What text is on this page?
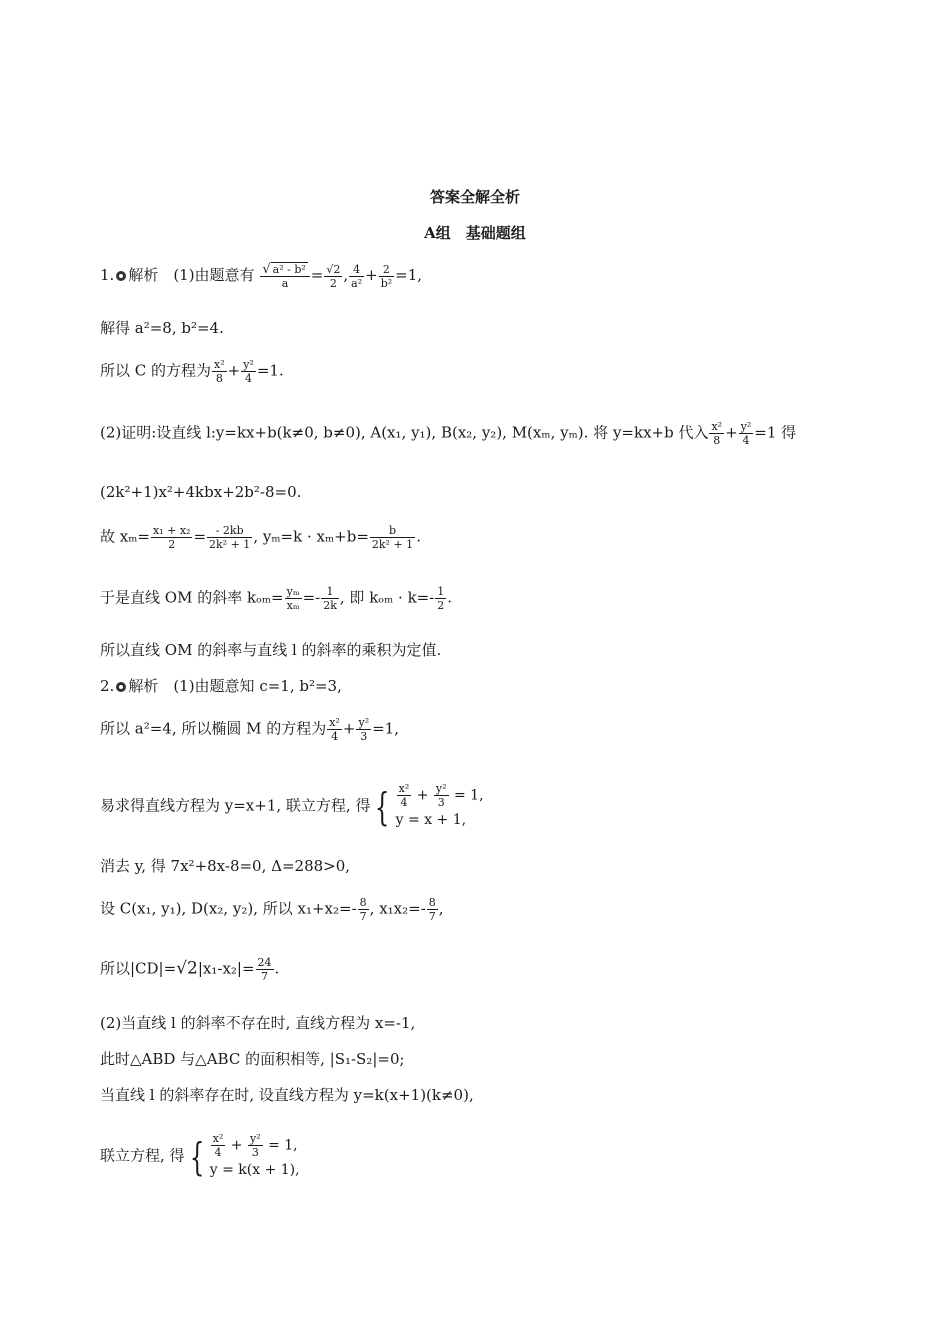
答案全解全析
A组　基础题组
1. 解析　(1)由题意有 $\frac{\text{√ a² - b²}}{a} = \frac{√2}{2}$ , $\frac{4}{\text{a²}} + \frac{2}{\text{b²}} =1$,
解得 a²=8, b²=4.
所以 C 的方程为 $\frac{\text{x²}}{8} + \frac{\text{y²}}{4} =1$.
(2)证明:设直线 l:y=kx+b(k≠0, b≠0), A(x₁, y₁), B(x₂, y₂), M(xₘ, yₘ). 将 y=kx+b 代入 $\frac{\text{x²}}{8} + \frac{\text{y²}}{4} =1$ 得
(2k²+1)x²+4kbx+2b²-8=0.
故 $x_m= \frac{\text{x₁ + x₂}}{2} = \frac{- 2kb}{\text{2k² + 1}}$ , $y_m=k \cdot x_m+b= \frac{b}{\text{2k² + 1}}$ .
于是直线 OM 的斜率 $k_{om}= \frac{\text{yₘ}}{\text{xₘ}} =- \frac{1}{2k}$ , 即 $k_{om} \cdot k=- \frac{1}{2}$ .
所以直线 OM 的斜率与直线 l 的斜率的乘积为定值.
2. 解析　(1)由题意知 c=1, b²=3,
所以 a²=4, 所以椭圆 M 的方程为 $\frac{\text{x²}}{4} + \frac{\text{y²}}{3} =1$,
易求得直线方程为 y=x+1, 联立方程, 得 { $\frac{\text{x²}}{4} + \frac{\text{y²}}{3} = 1$,
y = x + 1,
消去 y, 得 7x²+8x-8=0, Δ=288>0,
设 C(x₁, y₁), D(x₂, y₂), 所以 $x_1+x_2=- \frac{8}{7}$ , $x_1x_2=- \frac{8}{7}$ ,
所以$|CD|=√2|x_1-x_2|= \frac{24}{7}$ .
(2)当直线 l 的斜率不存在时, 直线方程为 x=-1,
此时△ABD 与△ABC 的面积相等, |S₁-S₂|=0;
当直线 l 的斜率存在时, 设直线方程为 y=k(x+1)(k≠0),
联立方程, 得 { $\frac{\text{x²}}{4} + \frac{\text{y²}}{3} = 1$,
y = k(x + 1),
